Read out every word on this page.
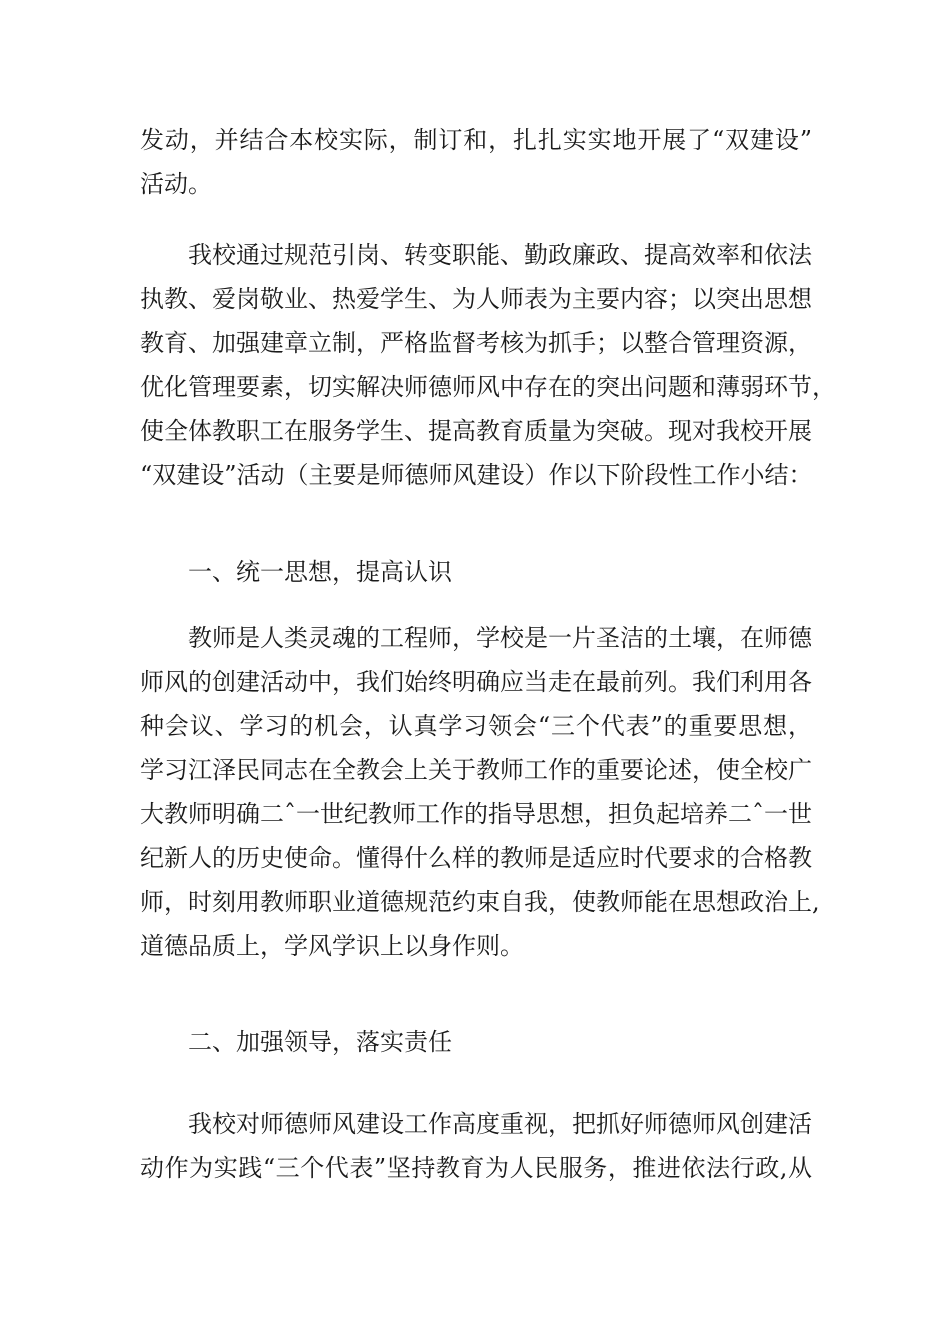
发动，并结合本校实际，制订和，扎扎实实地开展了“双建设”
活动。
我校通过规范引岗、转变职能、勤政廉政、提高效率和依法
执教、爱岗敬业、热爱学生、为人师表为主要内容；以突出思想
教育、加强建章立制，严格监督考核为抓手；以整合管理资源，
优化管理要素，切实解决师德师风中存在的突出问题和薄弱环节，
使全体教职工在服务学生、提高教育质量为突破。现对我校开展
“双建设”活动（主要是师德师风建设）作以下阶段性工作小结：
一、统一思想，提高认识
教师是人类灵魂的工程师，学校是一片圣洁的土壤，在师德
师风的创建活动中，我们始终明确应当走在最前列。我们利用各
种会议、学习的机会，认真学习领会“三个代表”的重要思想，
学习江泽民同志在全教会上关于教师工作的重要论述，使全校广
大教师明确二ˆ一世纪教师工作的指导思想，担负起培养二ˆ一世
纪新人的历史使命。懂得什么样的教师是适应时代要求的合格教
师，时刻用教师职业道德规范约束自我，使教师能在思想政治上,
道德品质上，学风学识上以身作则。
二、加强领导，落实责任
我校对师德师风建设工作高度重视，把抓好师德师风创建活
动作为实践“三个代表”坚持教育为人民服务，推进依法行政,从
